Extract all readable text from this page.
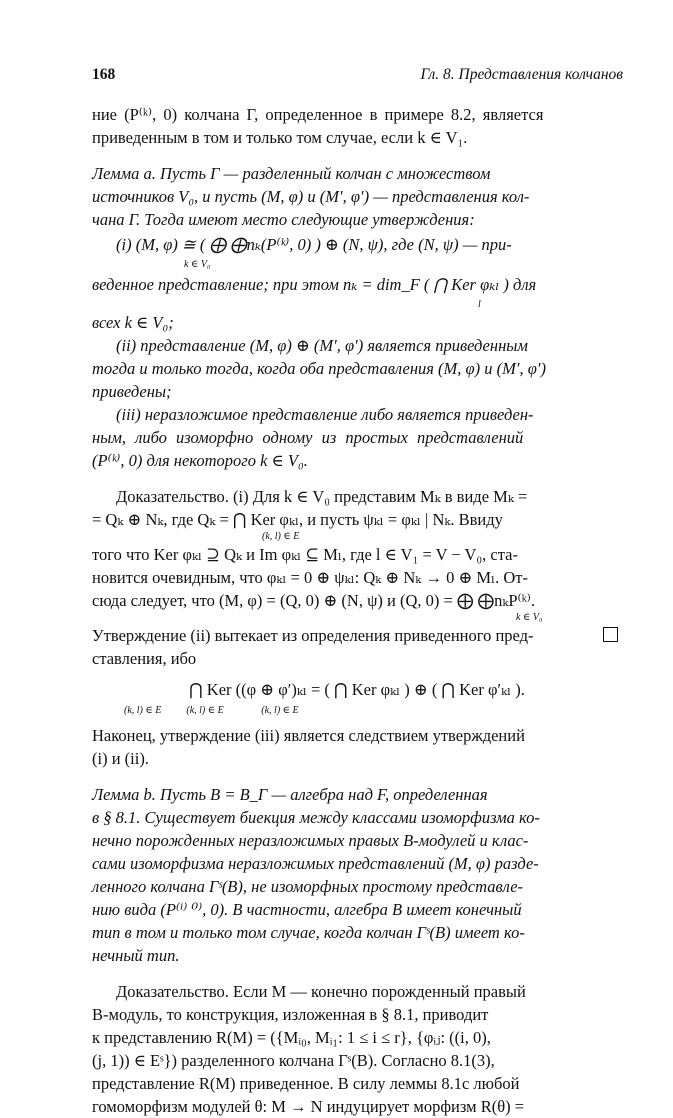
168	Гл. 8. Представления колчанов
ние (P⁽ᵏ⁾, 0) колчана Γ, определенное в примере 8.2, является
приведенным в том и только том случае, если k ∈ V₁.
Лемма a. Пусть Γ — разделенный колчан с множеством
источников V₀, и пусть (M, φ) и (M′, φ′) — представления кол-
чана Γ. Тогда имеют место следующие утверждения:
(i) (M, φ) ≅ ( ⨁ ⨁nₖ(P⁽ᵏ⁾, 0) ) ⊕ (N, ψ), где (N, ψ) — при-
k ∈ V₀
веденное представление; при этом nₖ = dim_F ( ⋂ Ker φₖₗ ) для
l
всех k ∈ V₀;
(ii) представление (M, φ) ⊕ (M′, φ′) является приведенным
тогда и только тогда, когда оба представления (M, φ) и (M′, φ′)
приведены;
(iii) неразложимое представление либо является приведен-
ным, либо изоморфно одному из простых представлений
(P⁽ᵏ⁾, 0) для некоторого k ∈ V₀.
Доказательство. (i) Для k ∈ V₀ представим Mₖ в виде Mₖ =
= Qₖ ⊕ Nₖ, где Qₖ = ⋂ Ker φₖₗ, и пусть ψₖₗ = φₖₗ | Nₖ. Ввиду
(k, l) ∈ E
того что Ker φₖₗ ⊇ Qₖ и Im φₖₗ ⊆ Mₗ, где l ∈ V₁ = V − V₀, ста-
новится очевидным, что φₖₗ = 0 ⊕ ψₖₗ: Qₖ ⊕ Nₖ → 0 ⊕ Mₗ. От-
сюда следует, что (M, φ) = (Q, 0) ⊕ (N, ψ) и (Q, 0) = ⨁ ⨁nₖP⁽ᵏ⁾.
k ∈ V₀
Утверждение (ii) вытекает из определения приведенного пред-
ставления, ибо
⋂ Ker ((φ ⊕ φ′)ₖₗ = ( ⋂ Ker φₖₗ ) ⊕ ( ⋂ Ker φ′ₖₗ ).
(k, l) ∈ E          (k, l) ∈ E               (k, l) ∈ E
Наконец, утверждение (iii) является следствием утверждений
(i) и (ii).
Лемма b. Пусть B = B_Γ — алгебра над F, определенная
в § 8.1. Существует биекция между классами изоморфизма ко-
нечно порожденных неразложимых правых B-модулей и клас-
сами изоморфизма неразложимых представлений (M, φ) разде-
ленного колчана Γˢ(B), не изоморфных простому представле-
нию вида (P⁽ⁱ⁾ ⁰⁾, 0). В частности, алгебра B имеет конечный
тип в том и только том случае, когда колчан Γˢ(B) имеет ко-
нечный тип.
Доказательство. Если M — конечно порожденный правый
B-модуль, то конструкция, изложенная в § 8.1, приводит
к представлению R(M) = ({Mᵢ₀, Mᵢ₁: 1 ≤ i ≤ r}, {φᵢⱼ: ((i, 0),
(j, 1)) ∈ Eˢ}) разделенного колчана Γˢ(B). Согласно 8.1(3),
представление R(M) приведенное. В силу леммы 8.1c любой
гомоморфизм модулей θ: M → N индуцирует морфизм R(θ) =
